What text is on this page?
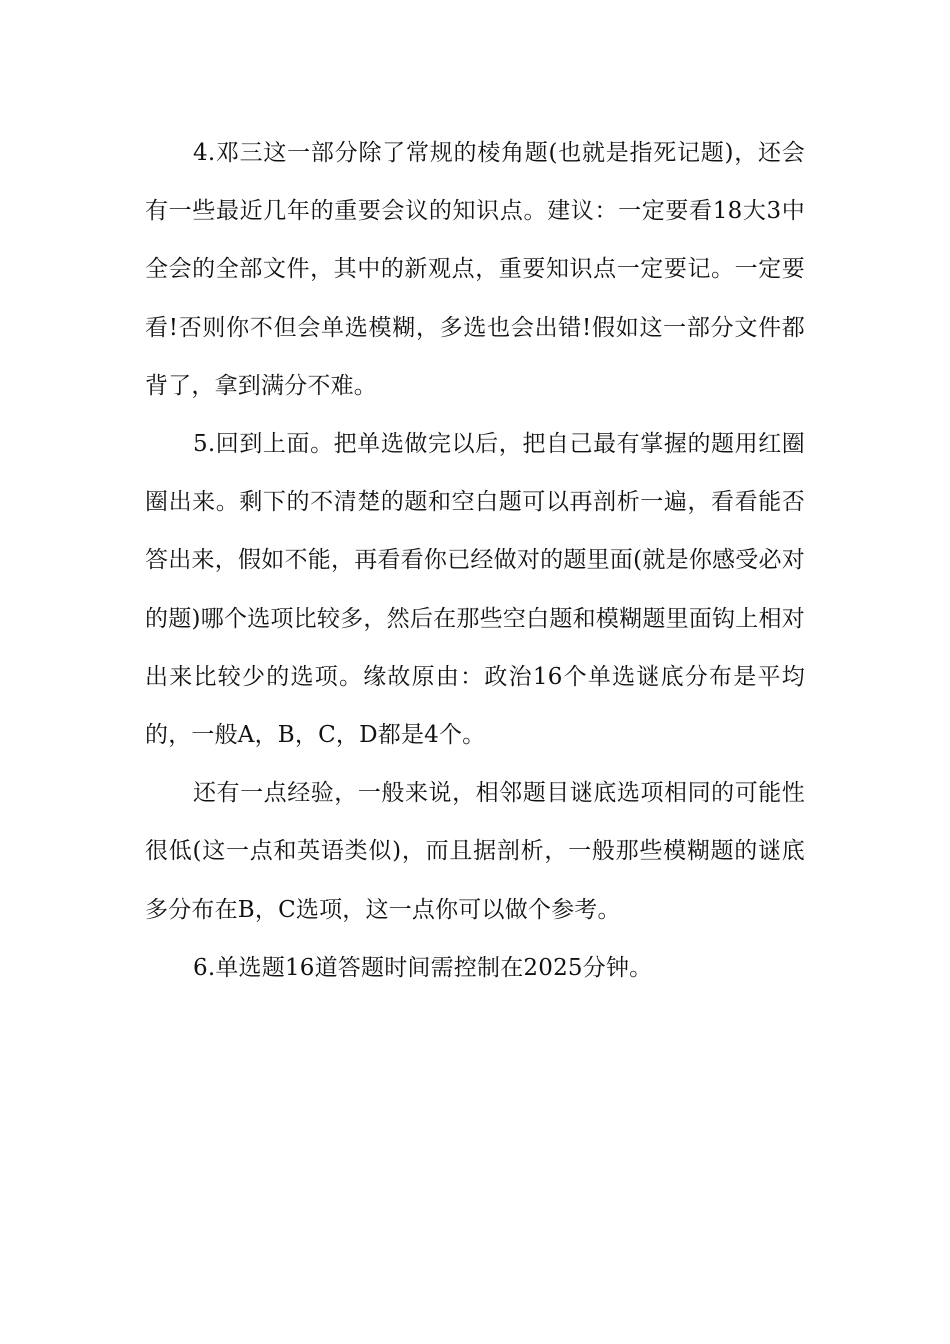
4.邓三这一部分除了常规的棱角题(也就是指死记题)，还会有一些最近几年的重要会议的知识点。建议：一定要看18大3中全会的全部文件，其中的新观点，重要知识点一定要记。一定要看!否则你不但会单选模糊，多选也会出错!假如这一部分文件都背了，拿到满分不难。

5.回到上面。把单选做完以后，把自己最有掌握的题用红圈圈出来。剩下的不清楚的题和空白题可以再剖析一遍，看看能否答出来，假如不能，再看看你已经做对的题里面(就是你感受必对的题)哪个选项比较多，然后在那些空白题和模糊题里面钩上相对出来比较少的选项。缘故原由：政治16个单选谜底分布是平均的，一般A，B，C，D都是4个。

还有一点经验，一般来说，相邻题目谜底选项相同的可能性很低(这一点和英语类似)，而且据剖析，一般那些模糊题的谜底多分布在B，C选项，这一点你可以做个参考。

6.单选题16道答题时间需控制在2025分钟。
